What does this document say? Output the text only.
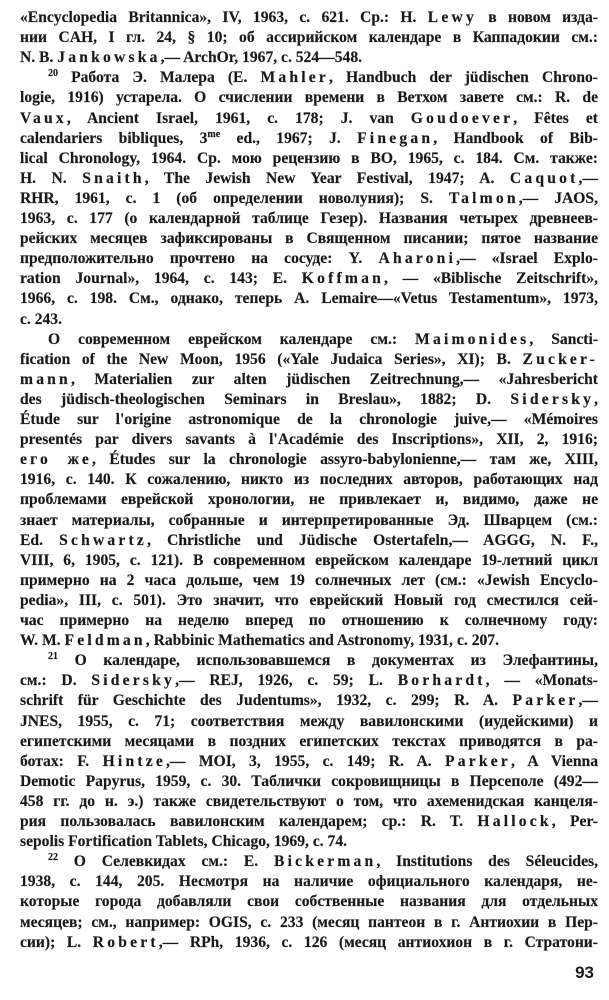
«Encyclopedia Britannica», IV, 1963, с. 621. Ср.: H. Lewy в новом изда-
нии CAH, I гл. 24, § 10; об ассирийском календаре в Каппадокии см.:
N. B. Jankowska,— ArchOr, 1967, с. 524—548.
$^{20}$ Работа Э. Малера (E. Mahler, Handbuch der jüdischen Chrono-
logie, 1916) устарела. О счислении времени в Ветхом завете см.: R. de
Vaux, Ancient Israel, 1961, с. 178; J. van Goudoever, Fêtes et
calendariers bibliques, $3^{me}$ ed., 1967; J. Finegan, Handbook of Bib-
lical Chronology, 1964. Ср. мою рецензию в BO, 1965, с. 184. См. также:
H. N. Snaith, The Jewish New Year Festival, 1947; A. Caquot,—
RHR, 1961, с. 1 (об определении новолуния); S. Talmon,— JAOS,
1963, с. 177 (о календарной таблице Гезер). Названия четырех древнеев-
рейских месяцев зафиксированы в Священном писании; пятое название
предположительно прочтено на сосуде: Y. Aharoni,— «Israel Explo-
ration Journal», 1964, с. 143; E. Koffman, — «Biblische Zeitschrift»,
1966, с. 198. См., однако, теперь A. Lemaire—«Vetus Testamentum», 1973,
с. 243.
О современном еврейском календаре см.: Maimonides, Sancti-
fication of the New Moon, 1956 («Yale Judaica Series», XI); B. Zucker-
mann, Materialien zur alten jüdischen Zeitrechnung,— «Jahresbericht
des jüdisch-theologischen Seminars in Breslau», 1882; D. Sidersky,
Étude sur l'origine astronomique de la chronologie juive,— «Mémoires
presentés par divers savants à l'Académie des Inscriptions», XII, 2, 1916;
его же, Études sur la chronologie assyro-babylonienne,— там же, XIII,
1916, с. 140. К сожалению, никто из последних авторов, работающих над
проблемами еврейской хронологии, не привлекает и, видимо, даже не
знает материалы, собранные и интерпретированные Эд. Шварцем (см.:
Ed. Schwartz, Christliche und Jüdische Ostertafeln,— AGGG, N. F.,
VIII, 6, 1905, с. 121). В современном еврейском календаре 19-летний цикл
примерно на 2 часа дольше, чем 19 солнечных лет (см.: «Jewish Encyclo-
pedia», III, с. 501). Это значит, что еврейский Новый год сместился сей-
час примерно на неделю вперед по отношению к солнечному году:
W. M. Feldman, Rabbinic Mathematics and Astronomy, 1931, с. 207.
$^{21}$ О календаре, использовавшемся в документах из Элефантины,
см.: D. Sidersky,— REJ, 1926, с. 59; L. Borhardt, — «Monats-
schrift für Geschichte des Judentums», 1932, с. 299; R. A. Parker,—
JNES, 1955, с. 71; соответствия между вавилонскими (иудейскими) и
египетскими месяцами в поздних египетских текстах приводятся в ра-
ботах: F. Hintze,— MOI, 3, 1955, с. 149; R. A. Parker, A Vienna
Demotic Papyrus, 1959, с. 30. Таблички сокровищницы в Персеполе (492—
458 гг. до н. э.) также свидетельствуют о том, что ахеменидская канцеля-
рия пользовалась вавилонским календарем; ср.: R. T. Hallock, Per-
sepolis Fortification Tablets, Chicago, 1969, с. 74.
$^{22}$ О Селевкидах см.: E. Bickerman, Institutions des Séleucides,
1938, с. 144, 205. Несмотря на наличие официального календаря, не-
которые города добавляли свои собственные названия для отдельных
месяцев; см., например: OGIS, с. 233 (месяц пантеон в г. Антиохии в Пер-
сии); L. Robert,— RPh, 1936, с. 126 (месяц антиохион в г. Стратони-
93
